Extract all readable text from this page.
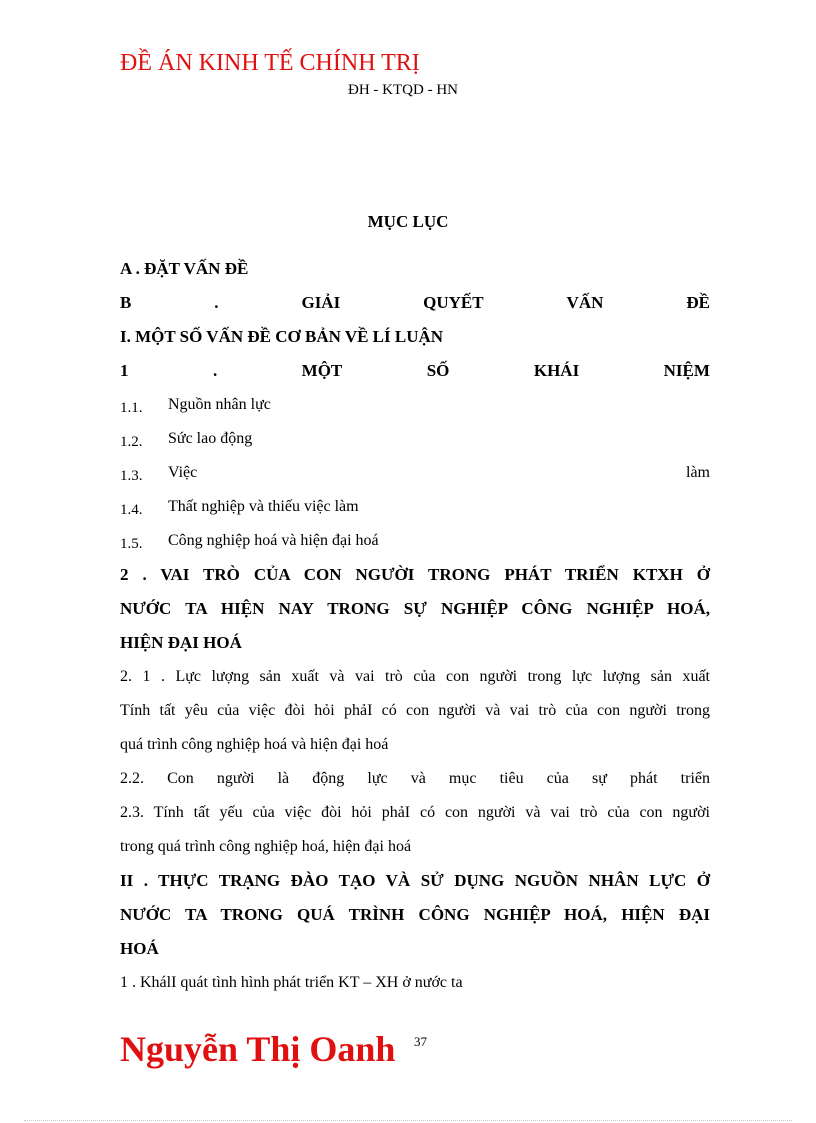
ĐỀ ÁN KINH TẾ CHÍNH TRỊ
ĐH - KTQD - HN
MỤC LỤC
A . ĐẶT VẤN ĐỀ
B	.	GIẢI	QUYẾT	VẤN	ĐỀ
I. MỘT SỐ VẤN ĐỀ CƠ BẢN VỀ LÍ LUẬN
1	.	MỘT	SỐ	KHÁI	NIỆM
1.1.	Nguồn nhân lực
1.2.	Sức lao động
1.3.	Việc	làm
1.4.	Thất nghiệp và thiếu việc làm
1.5.	Công nghiệp hoá và hiện đại hoá
2 . VAI TRÒ CỦA CON NGƯỜI TRONG PHÁT TRIỂN KTXH Ở
NƯỚC TA HIỆN NAY TRONG SỰ NGHIỆP CÔNG NGHIỆP HOÁ,
HIỆN ĐẠI HOÁ
2. 1 . Lực lượng sản xuất và vai trò của con người trong lực lượng sản xuất
Tính tất yêu của việc đòi hỏi phảI có con người và vai trò của con người trong
quá trình công nghiệp hoá và hiện đại hoá
2.2. Con người là động lực và mục tiêu của sự phát triển
2.3. Tính tất yếu của việc đòi hỏi phảI có con người và vai trò của con người
trong quá trình công nghiệp hoá, hiện đại hoá
II . THỰC TRẠNG ĐÀO TẠO VÀ SỬ DỤNG NGUỒN NHÂN LỰC Ở
NƯỚC TA TRONG QUÁ TRÌNH CÔNG NGHIỆP HOÁ, HIỆN ĐẠI
HOÁ
1 . KhálI quát tình hình phát triển KT – XH ở nước ta
Nguyễn Thị Oanh 37
